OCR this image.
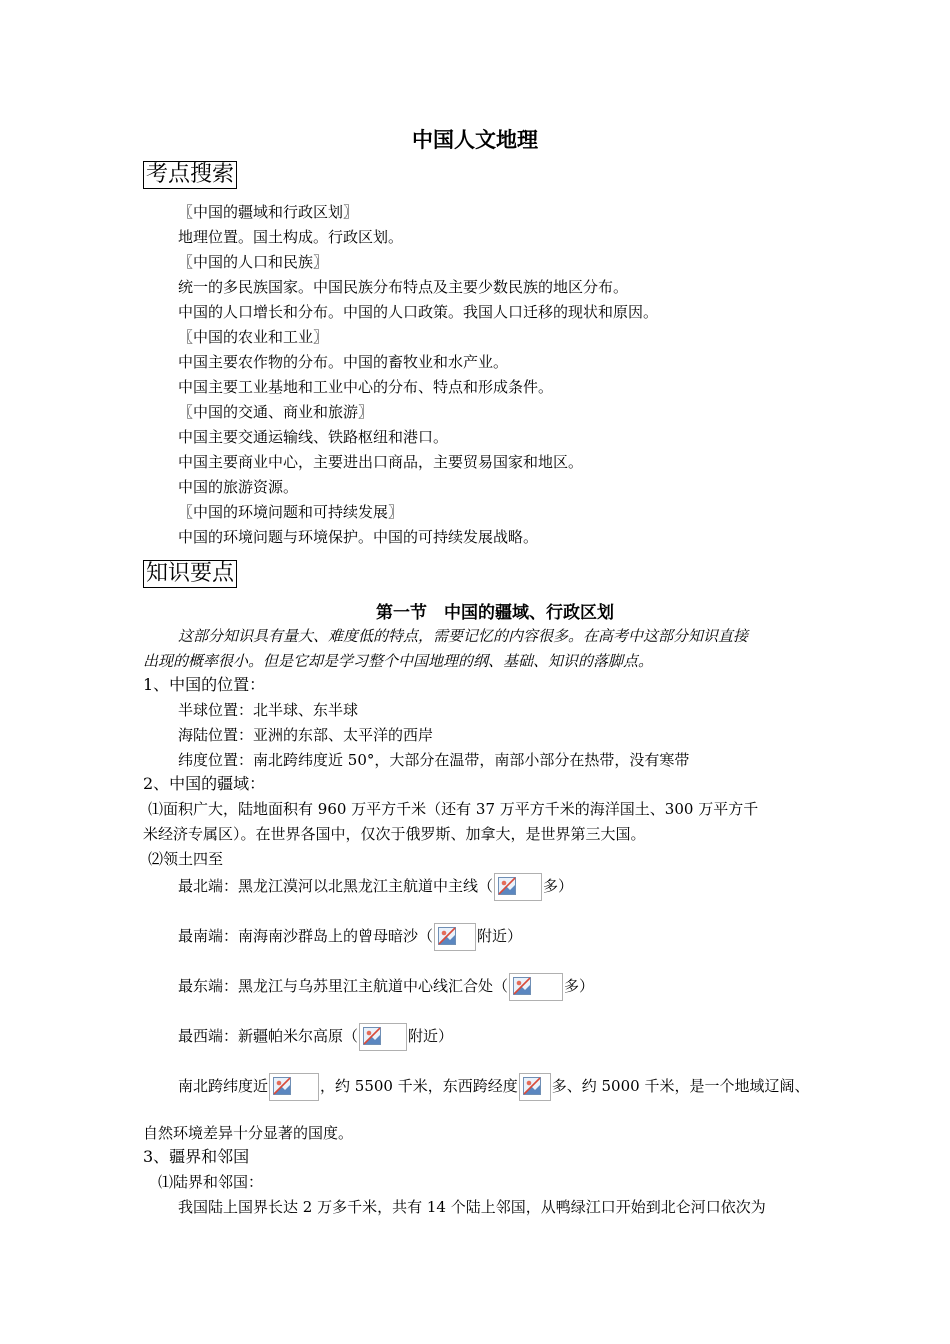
中国人文地理
考点搜索
〖中国的疆域和行政区划〗
地理位置。国土构成。行政区划。
〖中国的人口和民族〗
统一的多民族国家。中国民族分布特点及主要少数民族的地区分布。
中国的人口增长和分布。中国的人口政策。我国人口迁移的现状和原因。
〖中国的农业和工业〗
中国主要农作物的分布。中国的畜牧业和水产业。
中国主要工业基地和工业中心的分布、特点和形成条件。
〖中国的交通、商业和旅游〗
中国主要交通运输线、铁路枢纽和港口。
中国主要商业中心，主要进出口商品，主要贸易国家和地区。
中国的旅游资源。
〖中国的环境问题和可持续发展〗
中国的环境问题与环境保护。中国的可持续发展战略。
知识要点
第一节　中国的疆域、行政区划
这部分知识具有量大、难度低的特点，需要记忆的内容很多。在高考中这部分知识直接
出现的概率很小。但是它却是学习整个中国地理的纲、基础、知识的落脚点。
1、中国的位置：
半球位置：北半球、东半球
海陆位置：亚洲的东部、太平洋的西岸
纬度位置：南北跨纬度近 50°，大部分在温带，南部小部分在热带，没有寒带
2、中国的疆域：
⑴面积广大，陆地面积有 960 万平方千米（还有 37 万平方千米的海洋国土、300 万平方千
米经济专属区）。在世界各国中，仅次于俄罗斯、加拿大，是世界第三大国。
⑵领土四至
最北端：黑龙江漠河以北黑龙江主航道中主线（	多）
最南端：南海南沙群岛上的曾母暗沙（	附近）
最东端：黑龙江与乌苏里江主航道中心线汇合处（	多）
最西端：新疆帕米尔高原（	附近）
南北跨纬度近	，约 5500 千米，东西跨经度 多、约 5000 千米，是一个地域辽阔、
自然环境差异十分显著的国度。
3、疆界和邻国
⑴陆界和邻国：
我国陆上国界长达 2 万多千米，共有 14 个陆上邻国，从鸭绿江口开始到北仑河口依次为
